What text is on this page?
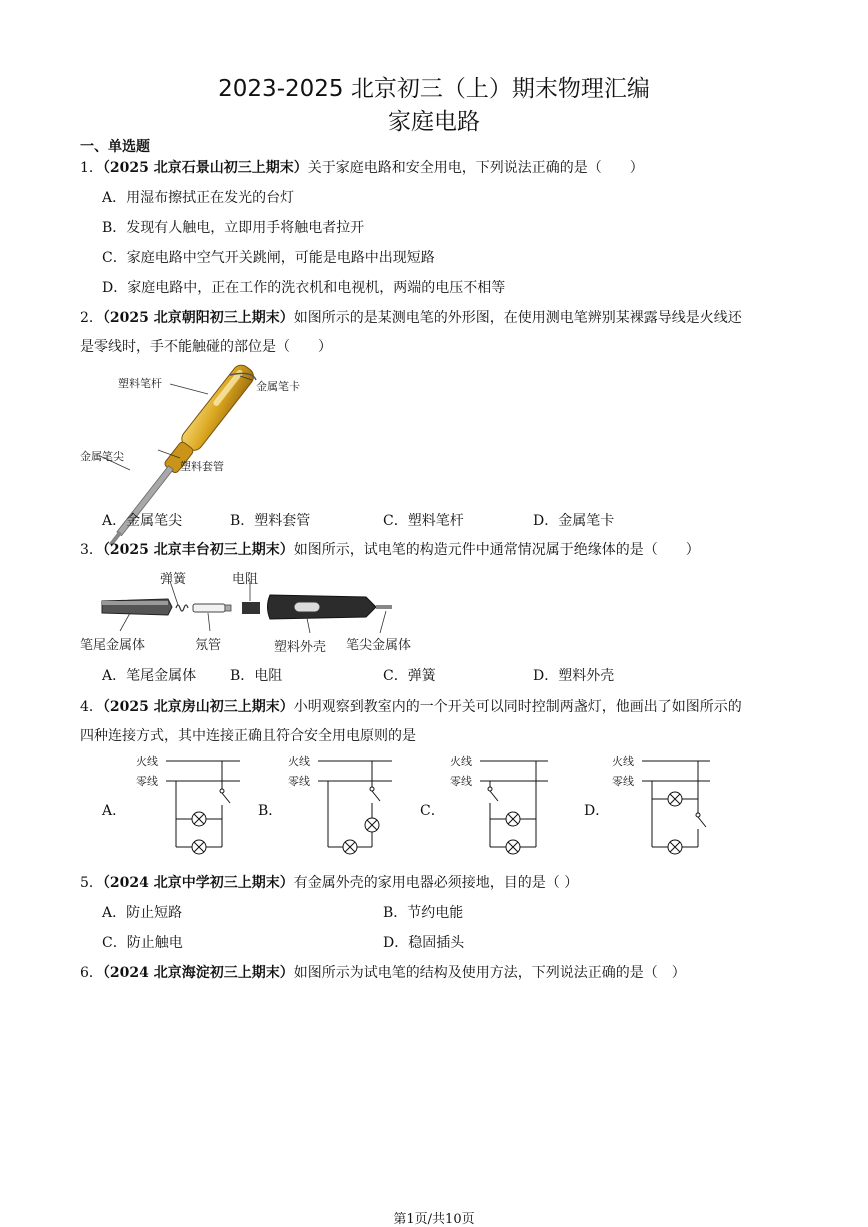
2023-2025 北京初三（上）期末物理汇编
家庭电路
一、单选题
1．（2025 北京石景山初三上期末）关于家庭电路和安全用电，下列说法正确的是（　　）
A．用湿布擦拭正在发光的台灯
B．发现有人触电，立即用手将触电者拉开
C．家庭电路中空气开关跳闸，可能是电路中出现短路
D．家庭电路中，正在工作的洗衣机和电视机，两端的电压不相等
2．（2025 北京朝阳初三上期末）如图所示的是某测电笔的外形图，在使用测电笔辨别某裸露导线是火线还
是零线时，手不能触碰的部位是（　　）
塑料笔杆	金属笔卡
金属笔尖
塑料套管
A．金属笔尖	B．塑料套管	C．塑料笔杆	D．金属笔卡
3．（2025 北京丰台初三上期末）如图所示，试电笔的构造元件中通常情况属于绝缘体的是（　　）
弹簧	电阻
笔尾金属体	氖管	塑料外壳 笔尖金属体
A．笔尾金属体 B．电阻	C．弹簧	D．塑料外壳
4．（2025 北京房山初三上期末）小明观察到教室内的一个开关可以同时控制两盏灯，他画出了如图所示的
四种连接方式，其中连接正确且符合安全用电原则的是
A．
火线
零线
B．
火线
零线
C．
火线
零线
D．
火线
零线
5．（2024 北京中学初三上期末）有金属外壳的家用电器必须接地，目的是（ ）
A．防止短路	B．节约电能
C．防止触电	D．稳固插头
6．（2024 北京海淀初三上期末）如图所示为试电笔的结构及使用方法，下列说法正确的是（　）
第1页/共10页
